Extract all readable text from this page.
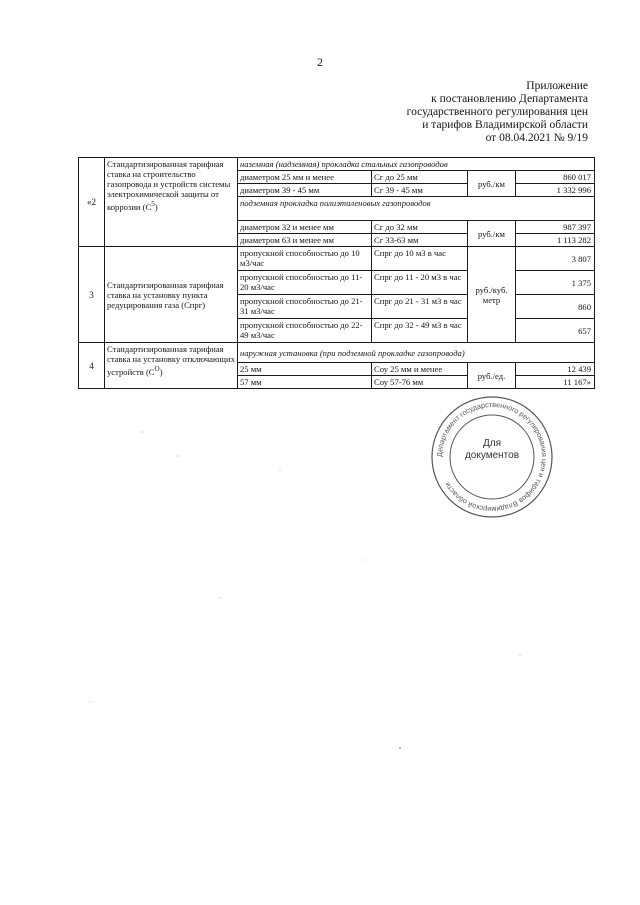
2
Приложение
к постановлению Департамента
государственного регулирования цен
и тарифов Владимирской области
от 08.04.2021 № 9/19
«2	Стандартизированная тарифная ставка на строительство газопровода и устройств системы электрохимической защиты от коррозии $(С^5)$	наземная (надземная) прокладка стальных газопроводов			
		диаметром 25 мм и менее	Сг до 25 мм	руб./км	860 017
		диаметром 39 - 45 мм	Сг 39 - 45 мм		1 332 996
		подземная прокладка полиэтиленовых газопроводов			
		диаметром 32 и менее мм	Сг до 32 мм	руб./км	987 397
		диаметром 63 и менее мм	Сг 33-63 мм		1 113 282
3	Стандартизированная тарифная ставка на установку пункта редуцирования газа (Спрг)	пропускной способностью до 10 м3/час	Спрг до 10 м3 в час	руб./куб. метр	3 807
		пропускной способностью до 11-20 м3/час	Спрг до 11 - 20 м3 в час		1 375
		пропускной способностью до 21-31 м3/час	Спрг до 21 - 31 м3 в час		860
		пропускной способностью до 22-49 м3/час	Спрг до 32 - 49 м3 в час		657
4	Стандартизированная тарифная ставка на установку отключающих устройств $(С^О)$	наружная установка (при подземной прокладке газопровода)			
		25 мм	Соу 25 мм и менее	руб./ед.	12 439
		57 мм	Соу 57-76 мм		11 167»
Департамент государственного регулирования цен и тарифов Владимирской области
Для
документов
